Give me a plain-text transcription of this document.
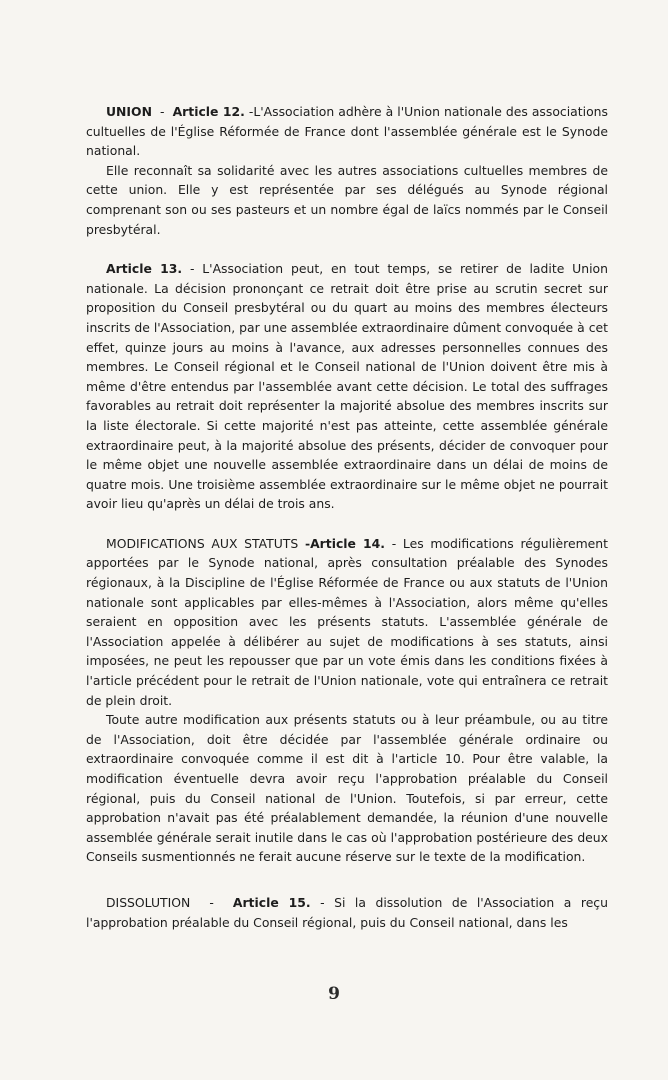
UNION  -  Article 12. -L'Association adhère à l'Union nationale des associations cultuelles de l'Église Réformée de France dont l'assemblée générale est le Synode national.

Elle reconnaît sa solidarité avec les autres associations cultuelles membres de cette union. Elle y est représentée par ses délégués au Synode régional comprenant son ou ses pasteurs et un nombre égal de laïcs nommés par le Conseil presbytéral.

Article 13. - L'Association peut, en tout temps, se retirer de ladite Union nationale. La décision prononçant ce retrait doit être prise au scrutin secret sur proposition du Conseil presbytéral ou du quart au moins des membres électeurs inscrits de l'Association, par une assemblée extraordinaire dûment convoquée à cet effet, quinze jours au moins à l'avance, aux adresses personnelles connues des membres. Le Conseil régional et le Conseil national de l'Union doivent être mis à même d'être entendus par l'assemblée avant cette décision. Le total des suffrages favorables au retrait doit représenter la majorité absolue des membres inscrits sur la liste électorale. Si cette majorité n'est pas atteinte, cette assemblée générale extraordinaire peut, à la majorité absolue des présents, décider de convoquer pour le même objet une nouvelle assemblée extraordinaire dans un délai de moins de quatre mois. Une troisième assemblée extraordinaire sur le même objet ne pourrait avoir lieu qu'après un délai de trois ans.

MODIFICATIONS AUX STATUTS -Article 14. - Les modifications régulièrement apportées par le Synode national, après consultation préalable des Synodes régionaux, à la Discipline de l'Église Réformée de France ou aux statuts de l'Union nationale sont applicables par elles-mêmes à l'Association, alors même qu'elles seraient en opposition avec les présents statuts. L'assemblée générale de l'Association appelée à délibérer au sujet de modifications à ses statuts, ainsi imposées, ne peut les repousser que par un vote émis dans les conditions fixées à l'article précédent pour le retrait de l'Union nationale, vote qui entraînera ce retrait de plein droit.

Toute autre modification aux présents statuts ou à leur préambule, ou au titre de l'Association, doit être décidée par l'assemblée générale ordinaire ou extraordinaire convoquée comme il est dit à l'article 10. Pour être valable, la modification éventuelle devra avoir reçu l'approbation préalable du Conseil régional, puis du Conseil national de l'Union. Toutefois, si par erreur, cette approbation n'avait pas été préalablement demandée, la réunion d'une nouvelle assemblée générale serait inutile dans le cas où l'approbation postérieure des deux Conseils susmentionnés ne ferait aucune réserve sur le texte de la modification.

DISSOLUTION  -  Article 15. - Si la dissolution de l'Association a reçu l'approbation préalable du Conseil régional, puis du Conseil national, dans les

9
